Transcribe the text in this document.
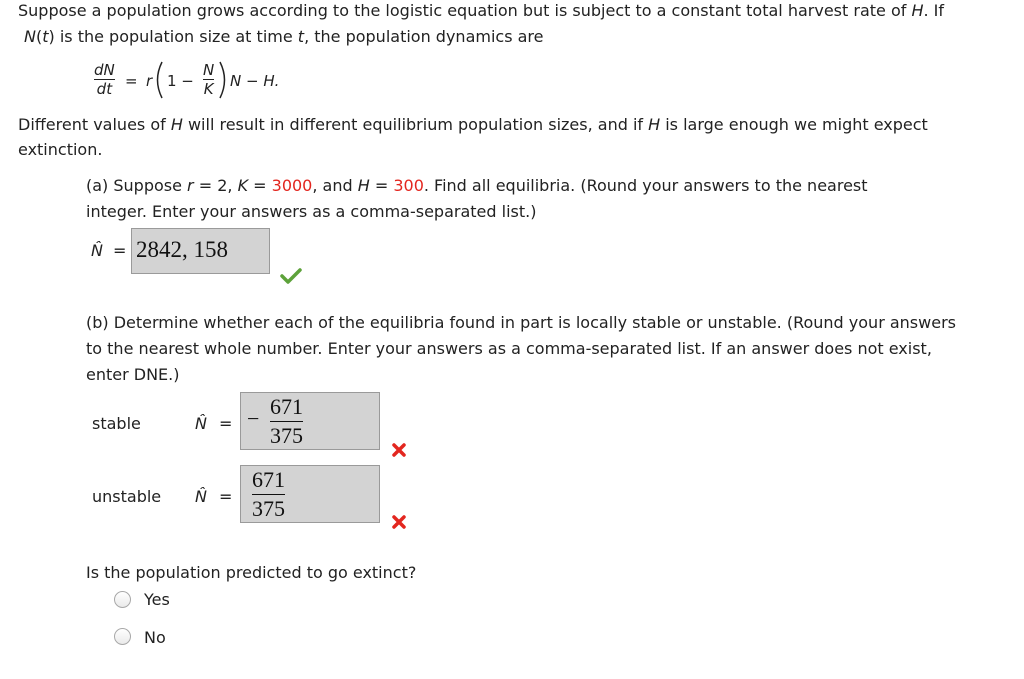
Suppose a population grows according to the logistic equation but is subject to a constant total harvest rate of H. If
N(t) is the population size at time t, the population dynamics are
dN
dt = r 1 −
N
K N − H.
Different values of H will result in different equilibrium population sizes, and if H is large enough we might expect
extinction.
(a) Suppose r = 2, K = 3000, and H = 300. Find all equilibria. (Round your answers to the nearest
integer. Enter your answers as a comma-separated list.)
N̂ = 2842, 158
(b) Determine whether each of the equilibria found in part is locally stable or unstable. (Round your answers
to the nearest whole number. Enter your answers as a comma-separated list. If an answer does not exist,
enter DNE.)
stable	N̂ = − 671
375
unstable N̂ =
671
375
Is the population predicted to go extinct?
Yes
No
